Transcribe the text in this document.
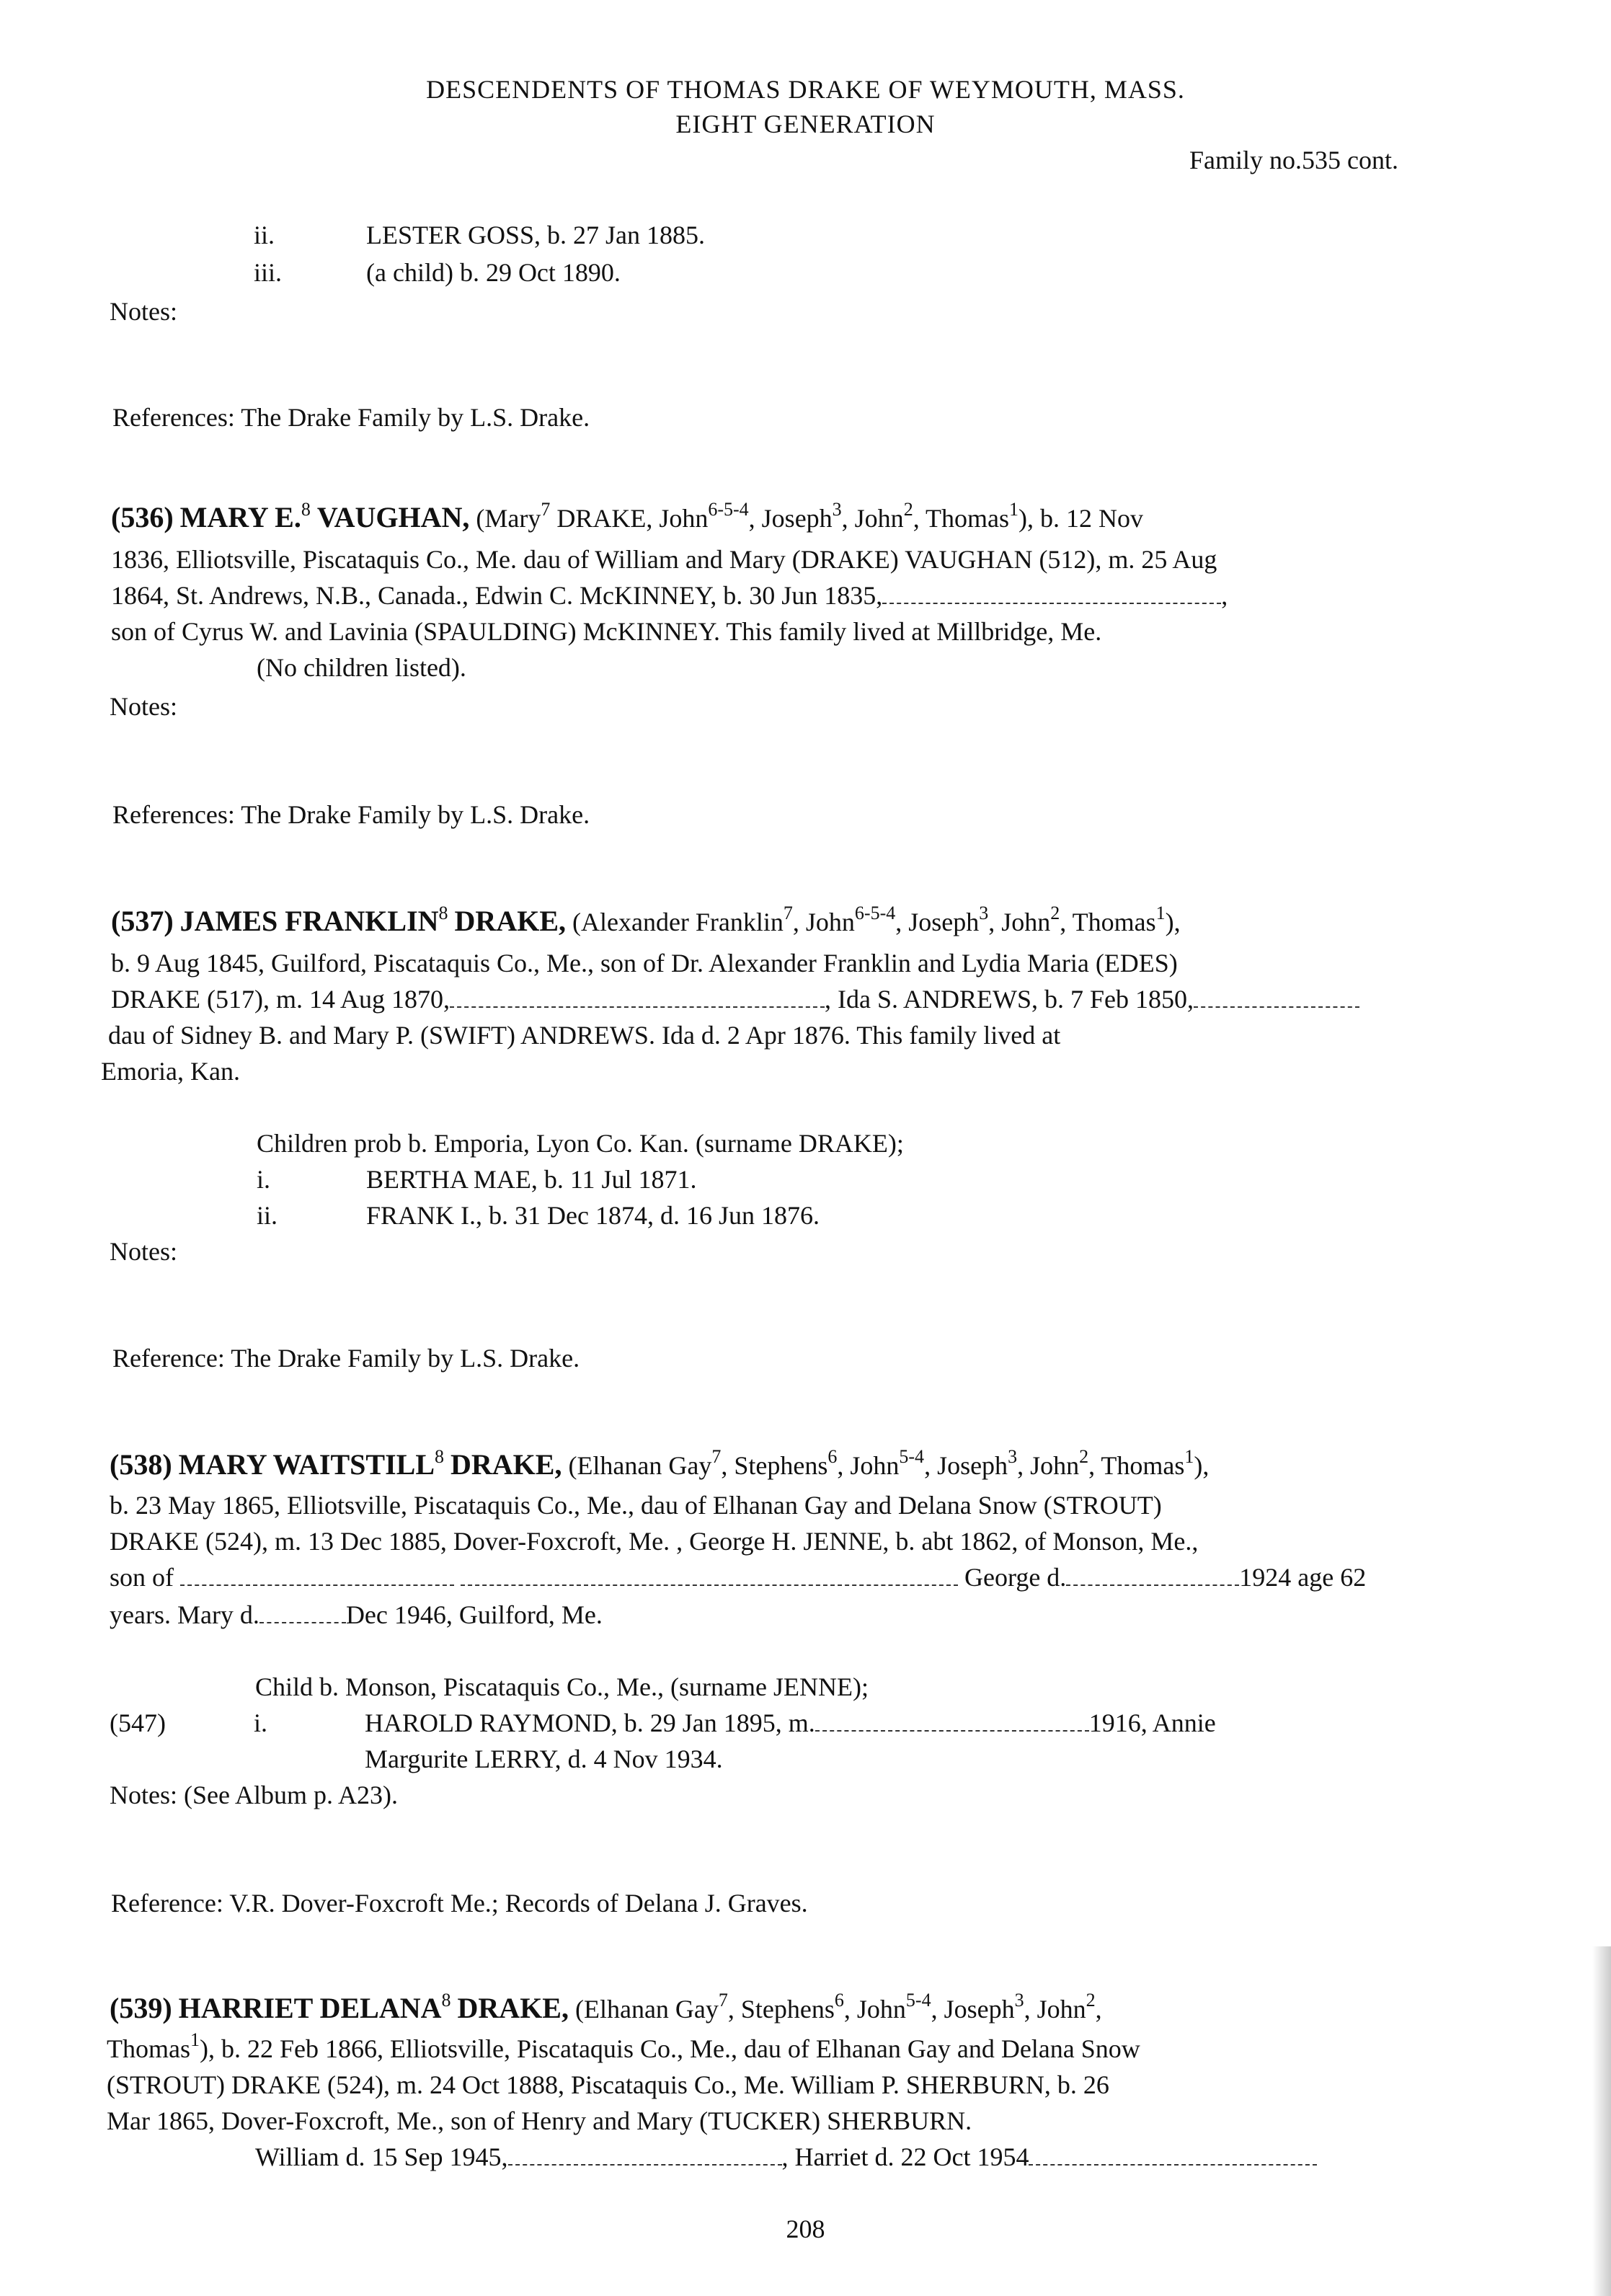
DESCENDENTS OF THOMAS DRAKE OF WEYMOUTH, MASS.
EIGHT GENERATION
Family no.535 cont.
ii.	LESTER GOSS, b. 27 Jan 1885.
iii.	(a child) b. 29 Oct 1890.
Notes:
References: The Drake Family by L.S. Drake.
(536) MARY E.$^8$ VAUGHAN, (Mary$^7$ DRAKE, John$^{6-5-4}$, Joseph$^3$, John$^2$, Thomas$^1$), b. 12 Nov
1836, Elliotsville, Piscataquis Co., Me. dau of William and Mary (DRAKE) VAUGHAN (512), m. 25 Aug
1864, St. Andrews, N.B., Canada., Edwin C. McKINNEY, b. 30 Jun 1835,	,
son of Cyrus W. and Lavinia (SPAULDING) McKINNEY. This family lived at Millbridge, Me.
(No children listed).
Notes:
References: The Drake Family by L.S. Drake.
(537) JAMES FRANKLIN$^8$ DRAKE, (Alexander Franklin$^7$, John$^{6-5-4}$, Joseph$^3$, John$^2$, Thomas$^1$),
b. 9 Aug 1845, Guilford, Piscataquis Co., Me., son of Dr. Alexander Franklin and Lydia Maria (EDES)
DRAKE (517), m. 14 Aug 1870,	, Ida S. ANDREWS, b. 7 Feb 1850,
dau of Sidney B. and Mary P. (SWIFT) ANDREWS. Ida d. 2 Apr 1876. This family lived at
Emoria, Kan.
Children prob b. Emporia, Lyon Co. Kan. (surname DRAKE);
i.	BERTHA MAE, b. 11 Jul 1871.
ii.	FRANK I., b. 31 Dec 1874, d. 16 Jun 1876.
Notes:
Reference: The Drake Family by L.S. Drake.
(538) MARY WAITSTILL$^8$ DRAKE, (Elhanan Gay$^7$, Stephens$^6$, John$^{5-4}$, Joseph$^3$, John$^2$, Thomas$^1$),
b. 23 May 1865, Elliotsville, Piscataquis Co., Me., dau of Elhanan Gay and Delana Snow (STROUT)
DRAKE (524), m. 13 Dec 1885, Dover-Foxcroft, Me. , George H. JENNE, b. abt 1862, of Monson, Me.,
son of	George d.	1924 age 62
years. Mary d.	Dec 1946, Guilford, Me.
Child b. Monson, Piscataquis Co., Me., (surname JENNE);
(547)	i.	HAROLD RAYMOND, b. 29 Jan 1895, m.	1916, Annie
Margurite LERRY, d. 4 Nov 1934.
Notes: (See Album p. A23).
Reference: V.R. Dover-Foxcroft Me.; Records of Delana J. Graves.
(539) HARRIET DELANA$^8$ DRAKE, (Elhanan Gay$^7$, Stephens$^6$, John$^{5-4}$, Joseph$^3$, John$^2$,
Thomas$^1$), b. 22 Feb 1866, Elliotsville, Piscataquis Co., Me., dau of Elhanan Gay and Delana Snow
(STROUT) DRAKE (524), m. 24 Oct 1888, Piscataquis Co., Me. William P. SHERBURN, b. 26
Mar 1865, Dover-Foxcroft, Me., son of Henry and Mary (TUCKER) SHERBURN.
William d. 15 Sep 1945,	, Harriet d. 22 Oct 1954
208
